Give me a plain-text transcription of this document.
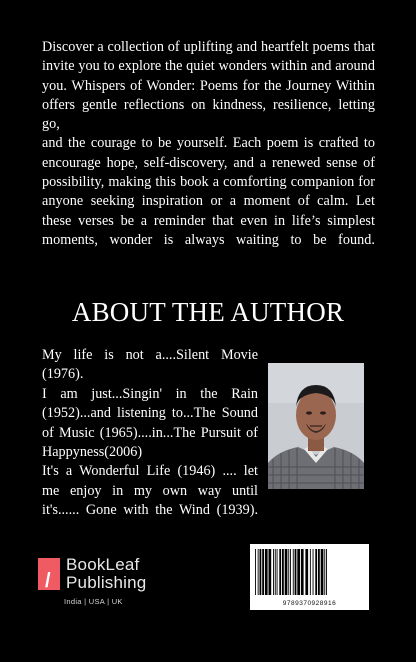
Discover a collection of uplifting and heartfelt poems that
invite you to explore the quiet wonders within and around
you. Whispers of Wonder: Poems for the Journey Within
offers gentle reflections on kindness, resilience, letting go,
and the courage to be yourself. Each poem is crafted to
encourage hope, self-discovery, and a renewed sense of
possibility, making this book a comforting companion for
anyone seeking inspiration or a moment of calm. Let
these verses be a reminder that even in life’s simplest
moments, wonder is always waiting to be found.
ABOUT THE AUTHOR

My life is not a....Silent Movie

(1976).

I am just...Singin' in the Rain

(1952)...and listening to...The Sound

of Music (1965)....in...The Pursuit of

Happyness(2006)

It's a Wonderful Life (1946) .... let

me enjoy in my own way until

it's...... Gone with the Wind (1939).

/
BookLeaf
Publishing
India | USA | UK	9789370928916
